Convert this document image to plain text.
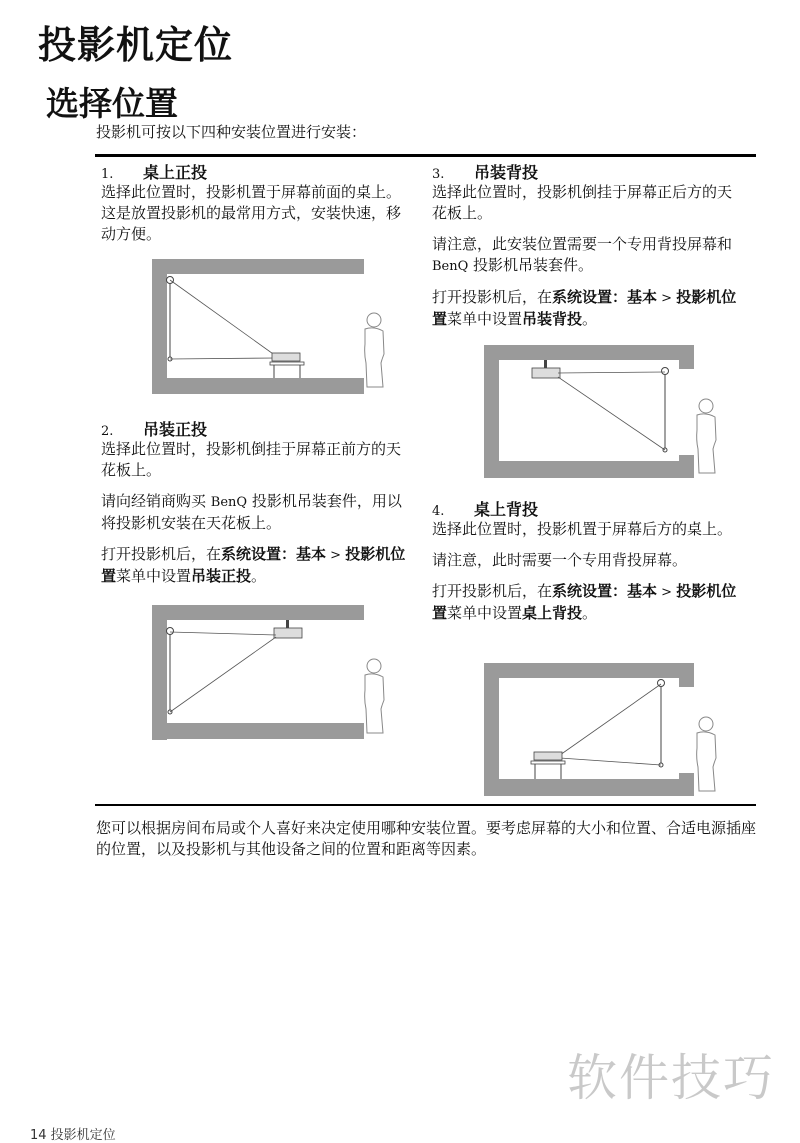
投影机定位
选择位置
投影机可按以下四种安装位置进行安装：
1.	桌上正投

选择此位置时，投影机置于屏幕前面的桌上。这是放置投影机的最常用方式，安装快速，移动方便。

2.	吊装正投

选择此位置时，投影机倒挂于屏幕正前方的天花板上。

请向经销商购买 BenQ 投影机吊装套件，用以将投影机安装在天花板上。

打开投影机后，在系统设置：基本 > 投影机位置菜单中设置吊装正投。

3.	吊装背投

选择此位置时，投影机倒挂于屏幕正后方的天花板上。

请注意，此安装位置需要一个专用背投屏幕和 BenQ 投影机吊装套件。

打开投影机后，在系统设置：基本 > 投影机位置菜单中设置吊装背投。

4.	桌上背投

选择此位置时，投影机置于屏幕后方的桌上。

请注意，此时需要一个专用背投屏幕。

打开投影机后，在系统设置：基本 > 投影机位置菜单中设置桌上背投。

您可以根据房间布局或个人喜好来决定使用哪种安装位置。要考虑屏幕的大小和位置、合适电源插座的位置，以及投影机与其他设备之间的位置和距离等因素。
软件技巧
14 投影机定位
